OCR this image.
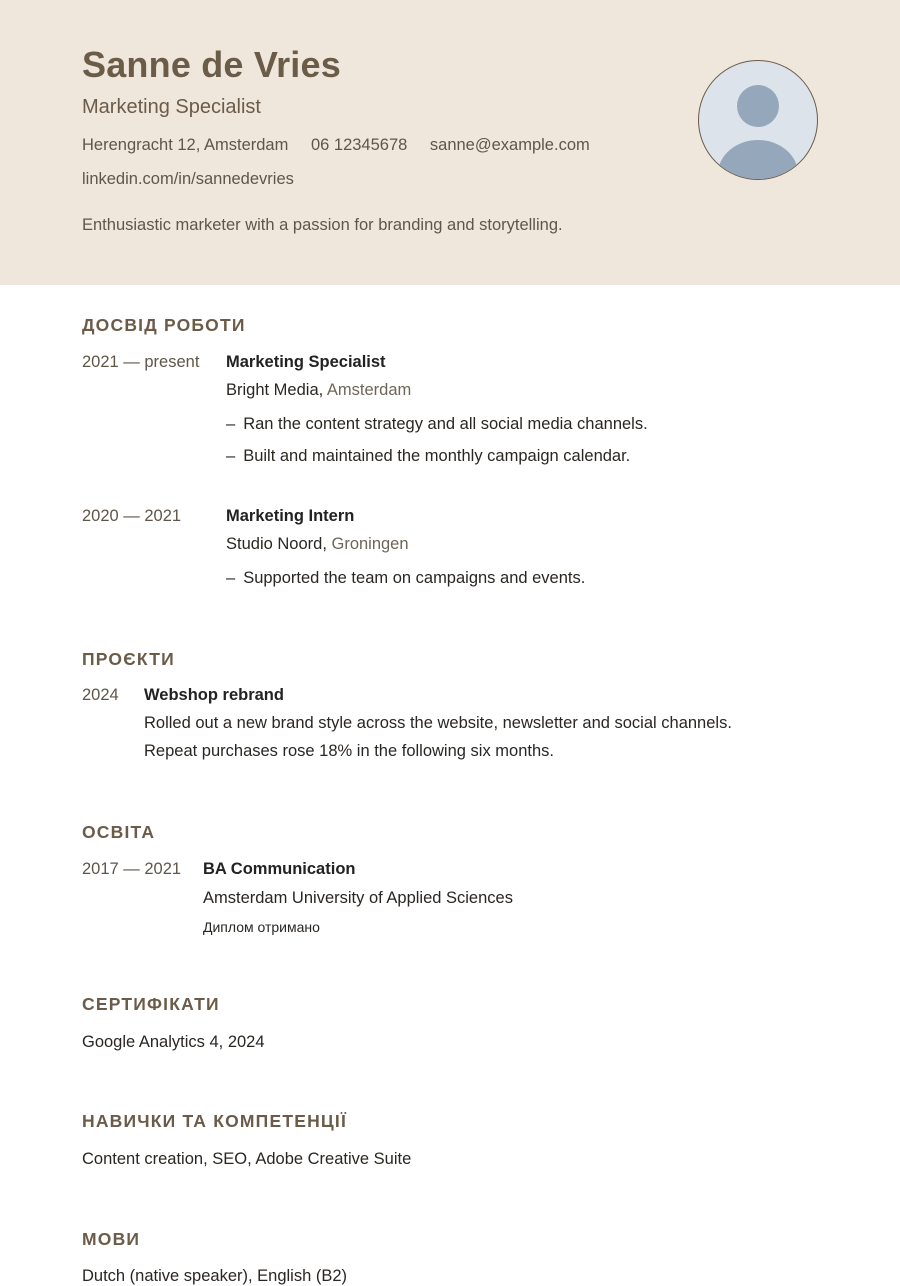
Sanne de Vries
Marketing Specialist
Herengracht 12, Amsterdam 06 12345678 sanne@example.com
linkedin.com/in/sannedevries
Enthusiastic marketer with a passion for branding and storytelling.
ДОСВІД РОБОТИ
2021 — present Marketing Specialist
Bright Media, Amsterdam
– Ran the content strategy and all social media channels.
– Built and maintained the monthly campaign calendar.
2020 — 2021	Marketing Intern
Studio Noord, Groningen
– Supported the team on campaigns and events.
ПРОЄКТИ
2024 Webshop rebrand
Rolled out a new brand style across the website, newsletter and social channels.
Repeat purchases rose 18% in the following six months.
ОСВІТА
2017 — 2021 BA Communication
Amsterdam University of Applied Sciences
Диплом отримано
СЕРТИФІКАТИ
Google Analytics 4, 2024
НАВИЧКИ ТА КОМПЕТЕНЦІЇ
Content creation, SEO, Adobe Creative Suite
МОВИ
Dutch (native speaker), English (B2)
